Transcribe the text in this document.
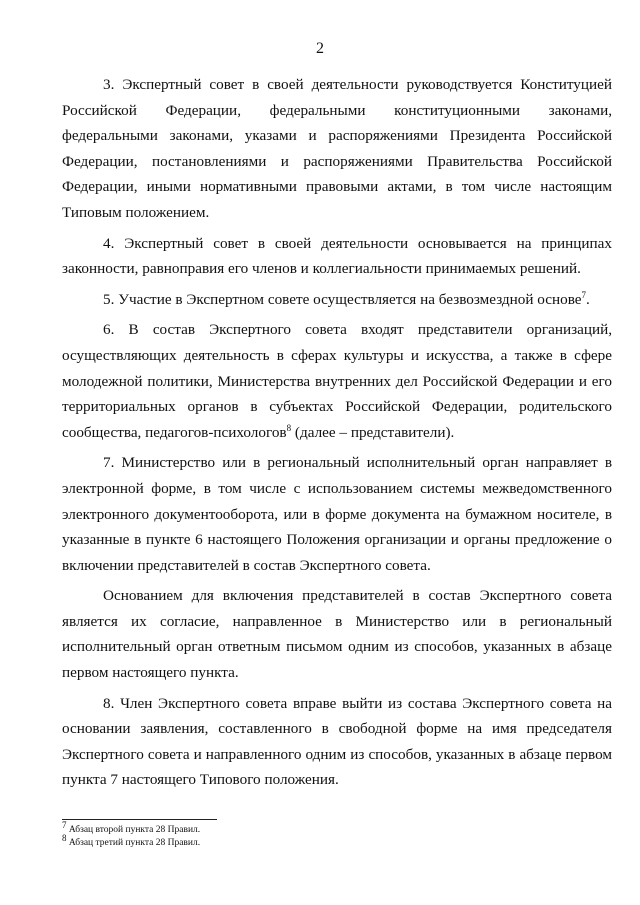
2

3. Экспертный совет в своей деятельности руководствуется Конституцией Российской Федерации, федеральными конституционными законами, федеральными законами, указами и распоряжениями Президента Российской Федерации, постановлениями и распоряжениями Правительства Российской Федерации, иными нормативными правовыми актами, в том числе настоящим Типовым положением.

4. Экспертный совет в своей деятельности основывается на принципах законности, равноправия его членов и коллегиальности принимаемых решений.

5. Участие в Экспертном совете осуществляется на безвозмездной основе$^7$.

6. В состав Экспертного совета входят представители организаций, осуществляющих деятельность в сферах культуры и искусства, а также в сфере молодежной политики, Министерства внутренних дел Российской Федерации и его территориальных органов в субъектах Российской Федерации, родительского сообщества, педагогов-психологов$^8$ (далее – представители).

7. Министерство или в региональный исполнительный орган направляет в электронной форме, в том числе с использованием системы межведомственного электронного документооборота, или в форме документа на бумажном носителе, в указанные в пункте 6 настоящего Положения организации и органы предложение о включении представителей в состав Экспертного совета.

Основанием для включения представителей в состав Экспертного совета является их согласие, направленное в Министерство или в региональный исполнительный орган ответным письмом одним из способов, указанных в абзаце первом настоящего пункта.

8. Член Экспертного совета вправе выйти из состава Экспертного совета на основании заявления, составленного в свободной форме на имя председателя Экспертного совета и направленного одним из способов, указанных в абзаце первом пункта 7 настоящего Типового положения.

$^7$ Абзац второй пункта 28 Правил.

$^8$ Абзац третий пункта 28 Правил.
